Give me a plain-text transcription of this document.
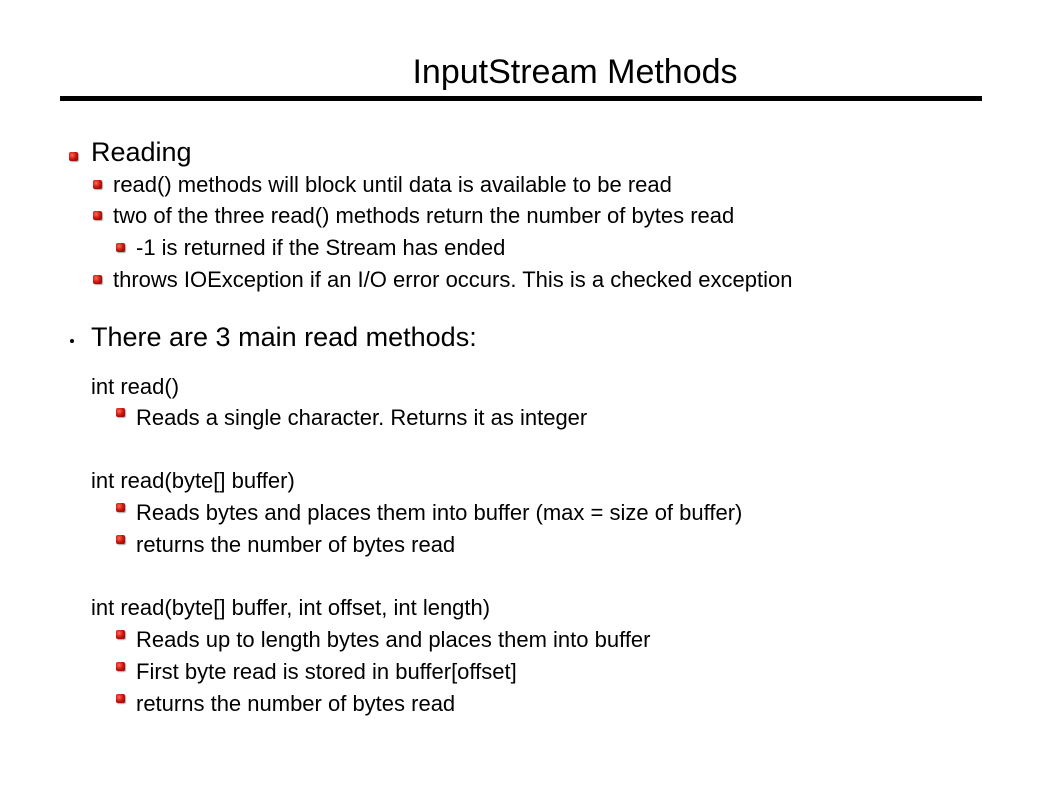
InputStream Methods
Reading
read() methods will block until data is available to be read
two of the three read() methods return the number of bytes read
-1 is returned if the Stream has ended
throws IOException if an I/O error occurs. This is a checked exception
There are 3 main read methods:
int read()
Reads a single character. Returns it as integer
int read(byte[] buffer)
Reads bytes and places them into buffer (max = size of buffer)
returns the number of bytes read
int read(byte[] buffer, int offset, int length)
Reads up to length bytes and places them into buffer
First byte read is stored in buffer[offset]
returns the number of bytes read
